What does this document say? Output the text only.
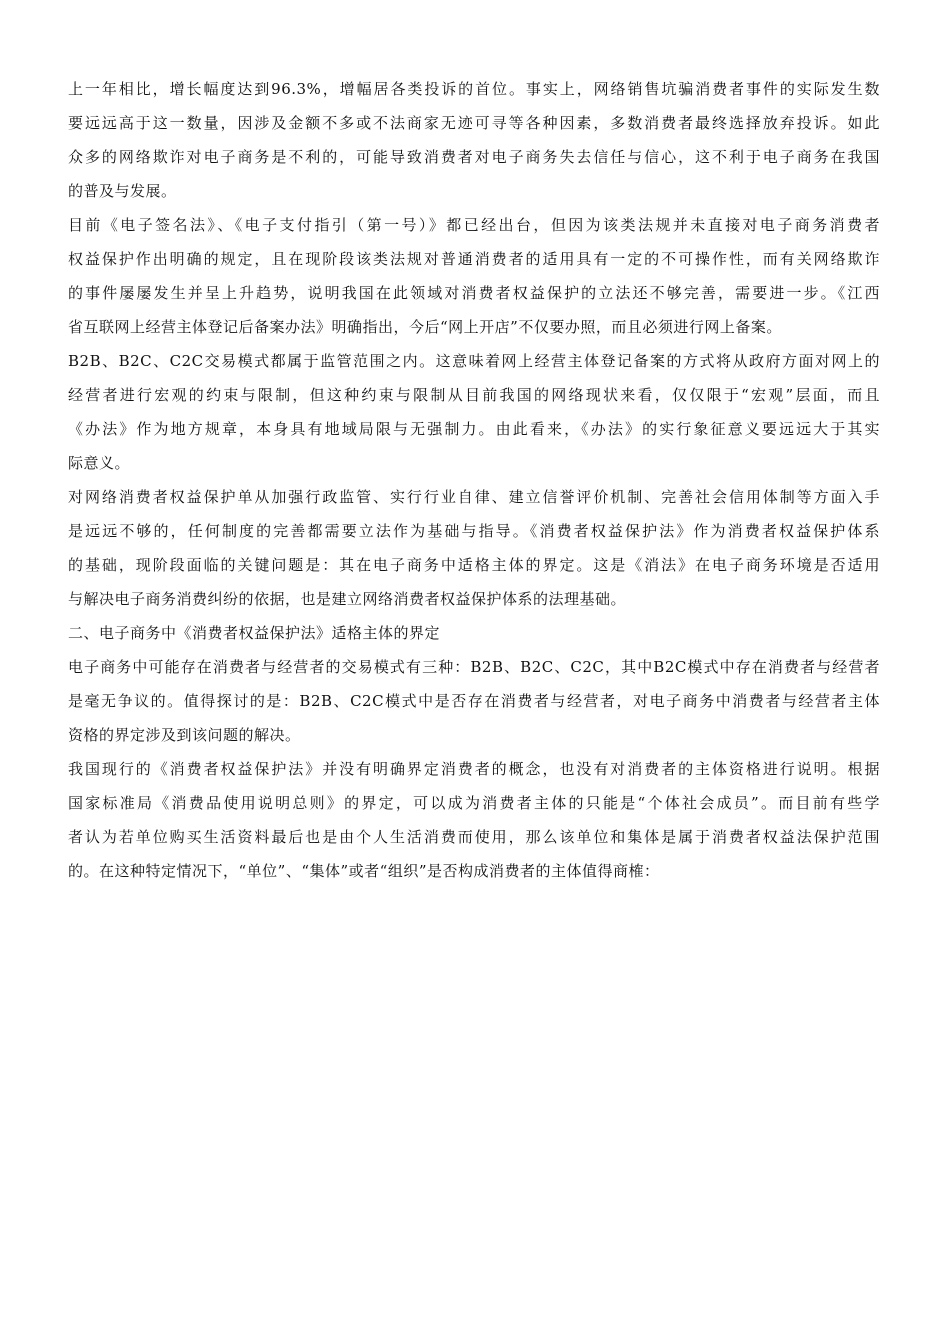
上一年相比，增长幅度达到96.3%，增幅居各类投诉的首位。事实上，网络销售坑骗消费者事件的实际发生数
要远远高于这一数量，因涉及金额不多或不法商家无迹可寻等各种因素，多数消费者最终选择放弃投诉。如此
众多的网络欺诈对电子商务是不利的，可能导致消费者对电子商务失去信任与信心，这不利于电子商务在我国
的普及与发展。
目前《电子签名法》、《电子支付指引（第一号）》都已经出台，但因为该类法规并未直接对电子商务消费者
权益保护作出明确的规定，且在现阶段该类法规对普通消费者的适用具有一定的不可操作性，而有关网络欺诈
的事件屡屡发生并呈上升趋势，说明我国在此领域对消费者权益保护的立法还不够完善，需要进一步。《江西
省互联网上经营主体登记后备案办法》明确指出，今后“网上开店”不仅要办照，而且必须进行网上备案。
B2B、B2C、C2C交易模式都属于监管范围之内。这意味着网上经营主体登记备案的方式将从政府方面对网上的
经营者进行宏观的约束与限制，但这种约束与限制从目前我国的网络现状来看，仅仅限于“宏观”层面，而且
《办法》作为地方规章，本身具有地域局限与无强制力。由此看来，《办法》的实行象征意义要远远大于其实
际意义。
对网络消费者权益保护单从加强行政监管、实行行业自律、建立信誉评价机制、完善社会信用体制等方面入手
是远远不够的，任何制度的完善都需要立法作为基础与指导。《消费者权益保护法》作为消费者权益保护体系
的基础，现阶段面临的关键问题是：其在电子商务中适格主体的界定。这是《消法》在电子商务环境是否适用
与解决电子商务消费纠纷的依据，也是建立网络消费者权益保护体系的法理基础。
二、电子商务中《消费者权益保护法》适格主体的界定
电子商务中可能存在消费者与经营者的交易模式有三种：B2B、B2C、C2C，其中B2C模式中存在消费者与经营者
是毫无争议的。值得探讨的是：B2B、C2C模式中是否存在消费者与经营者，对电子商务中消费者与经营者主体
资格的界定涉及到该问题的解决。
我国现行的《消费者权益保护法》并没有明确界定消费者的概念，也没有对消费者的主体资格进行说明。根据
国家标准局《消费品使用说明总则》的界定，可以成为消费者主体的只能是“个体社会成员”。而目前有些学
者认为若单位购买生活资料最后也是由个人生活消费而使用，那么该单位和集体是属于消费者权益法保护范围
的。在这种特定情况下，“单位”、“集体”或者“组织”是否构成消费者的主体值得商榷：
